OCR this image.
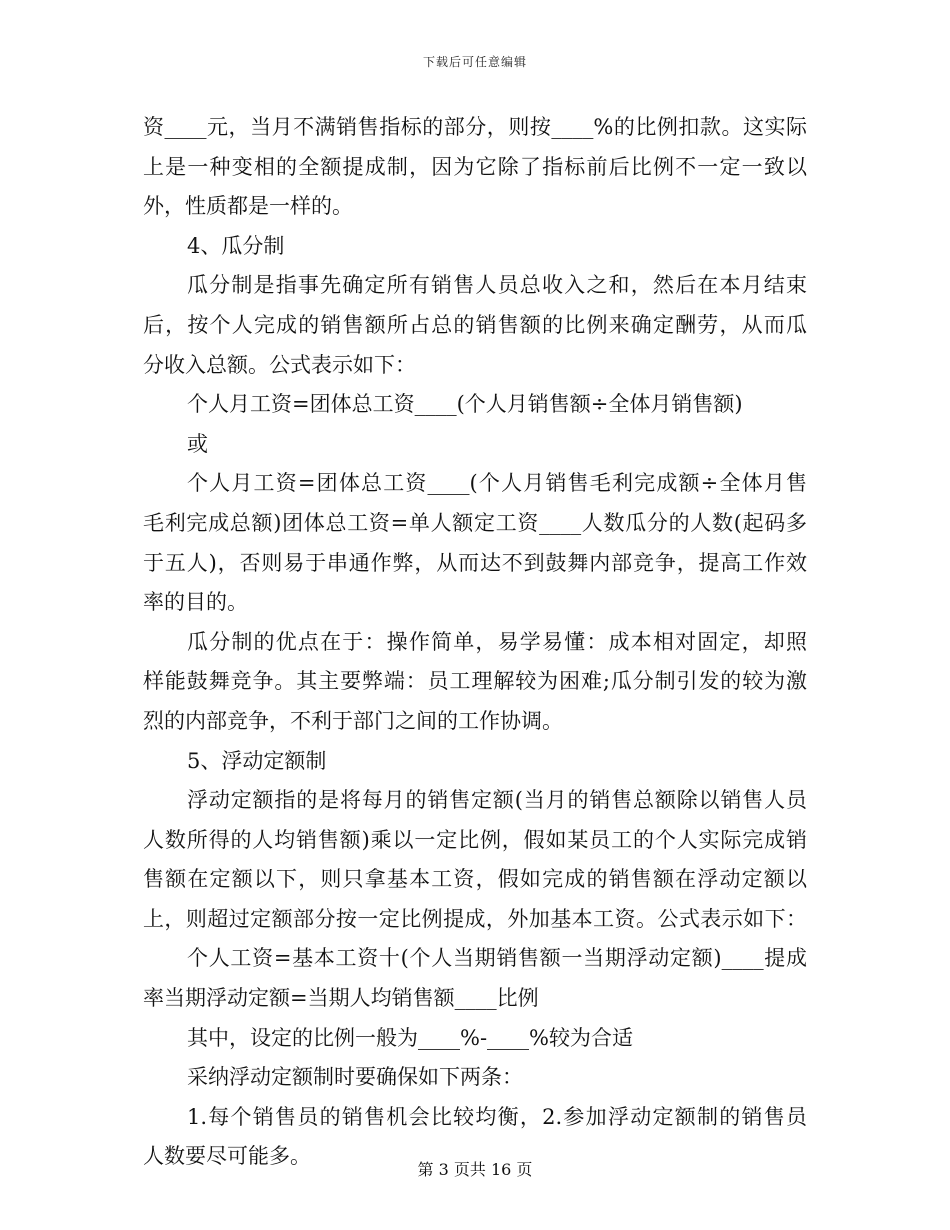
下载后可任意编辑
资____元，当月不满销售指标的部分，则按____%的比例扣款。这实际
上是一种变相的全额提成制，因为它除了指标前后比例不一定一致以
外，性质都是一样的。
4、瓜分制
瓜分制是指事先确定所有销售人员总收入之和，然后在本月结束
后，按个人完成的销售额所占总的销售额的比例来确定酬劳，从而瓜
分收入总额。公式表示如下：
个人月工资=团体总工资____(个人月销售额÷全体月销售额)
或
个人月工资=团体总工资____(个人月销售毛利完成额÷全体月售
毛利完成总额)团体总工资=单人额定工资____人数瓜分的人数(起码多
于五人)，否则易于串通作弊，从而达不到鼓舞内部竞争，提高工作效
率的目的。
瓜分制的优点在于：操作简单，易学易懂：成本相对固定，却照
样能鼓舞竞争。其主要弊端：员工理解较为困难;瓜分制引发的较为激
烈的内部竞争，不利于部门之间的工作协调。
5、浮动定额制
浮动定额指的是将每月的销售定额(当月的销售总额除以销售人员
人数所得的人均销售额)乘以一定比例，假如某员工的个人实际完成销
售额在定额以下，则只拿基本工资，假如完成的销售额在浮动定额以
上，则超过定额部分按一定比例提成，外加基本工资。公式表示如下：
个人工资=基本工资十(个人当期销售额一当期浮动定额)____提成
率当期浮动定额=当期人均销售额____比例
其中，设定的比例一般为____%-____%较为合适
采纳浮动定额制时要确保如下两条：
1.每个销售员的销售机会比较均衡，2.参加浮动定额制的销售员
人数要尽可能多。
第 3 页共 16 页
